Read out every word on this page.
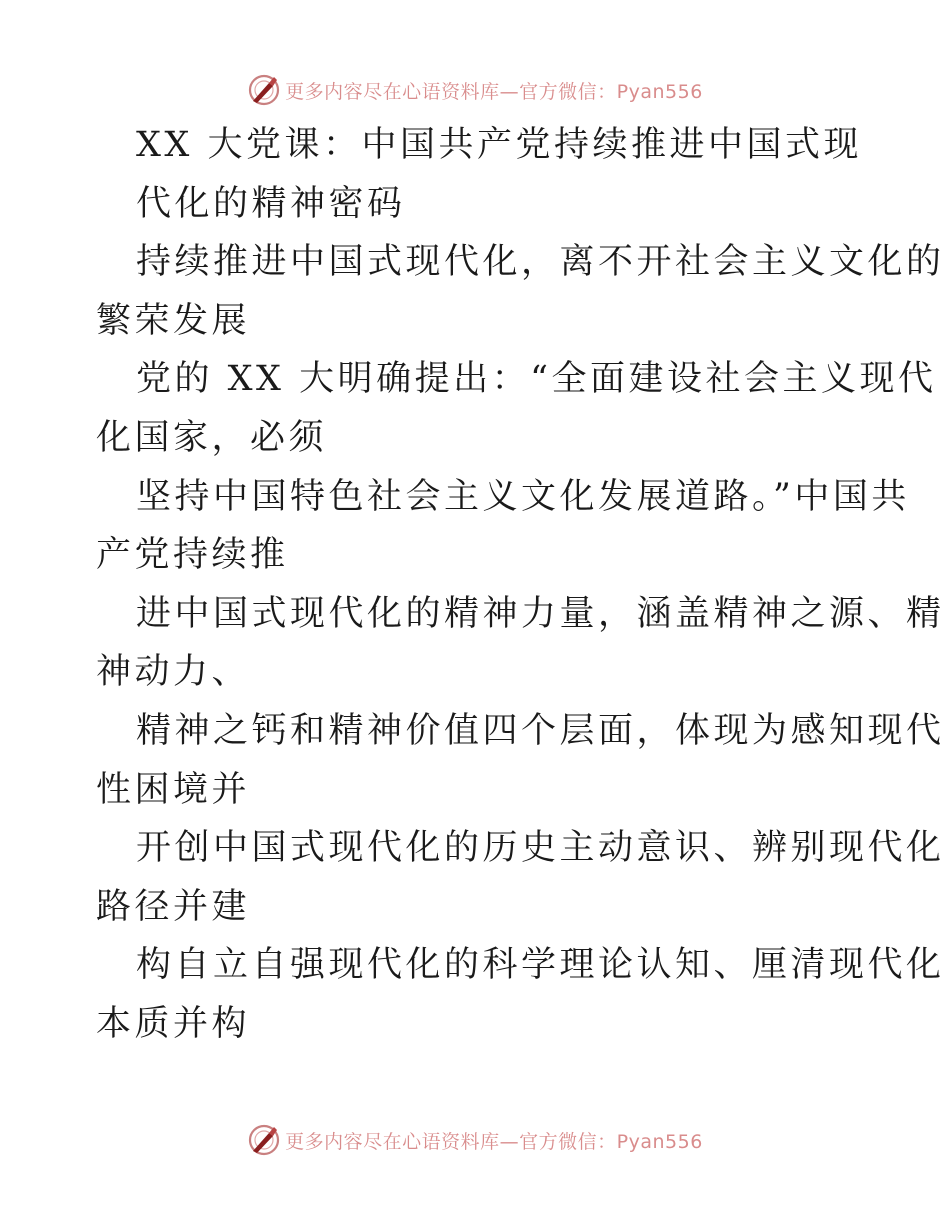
更多内容尽在心语资料库—官方微信：Pyan556
XX 大党课：中国共产党持续推进中国式现
代化的精神密码
持续推进中国式现代化，离不开社会主义文化的
繁荣发展
党的 XX 大明确提出：“全面建设社会主义现代
化国家，必须
坚持中国特色社会主义文化发展道路。”中国共
产党持续推
进中国式现代化的精神力量，涵盖精神之源、精
神动力、
精神之钙和精神价值四个层面，体现为感知现代
性困境并
开创中国式现代化的历史主动意识、辨别现代化
路径并建
构自立自强现代化的科学理论认知、厘清现代化
本质并构
更多内容尽在心语资料库—官方微信：Pyan556
